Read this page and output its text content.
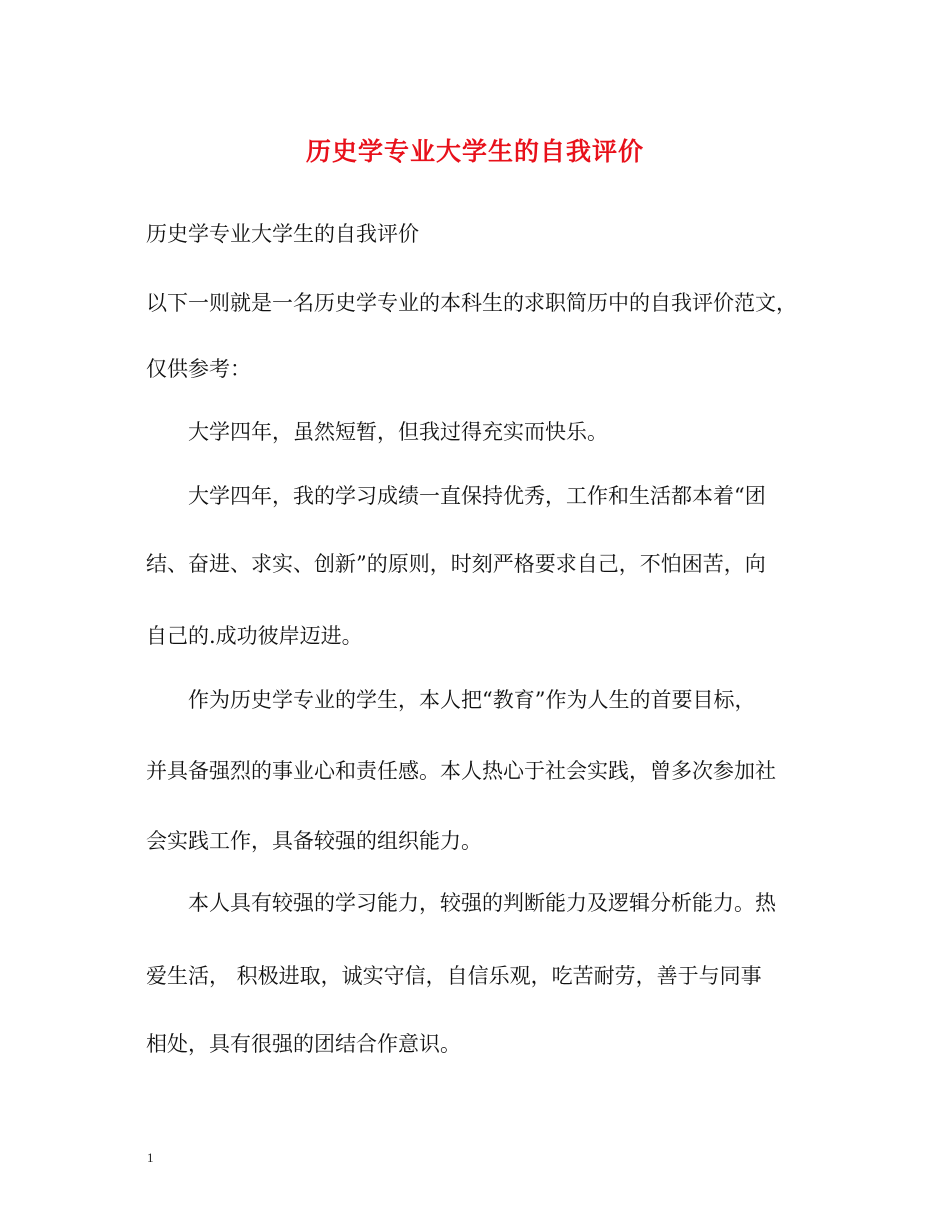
历史学专业大学生的自我评价

历史学专业大学生的自我评价

以下一则就是一名历史学专业的本科生的求职简历中的自我评价范文，

仅供参考：

大学四年，虽然短暂，但我过得充实而快乐。

大学四年，我的学习成绩一直保持优秀，工作和生活都本着“团

结、奋进、求实、创新”的原则，时刻严格要求自己，不怕困苦，向

自己的.成功彼岸迈进。

作为历史学专业的学生，本人把“教育”作为人生的首要目标，

并具备强烈的事业心和责任感。本人热心于社会实践，曾多次参加社

会实践工作，具备较强的组织能力。

本人具有较强的学习能力，较强的判断能力及逻辑分析能力。热

爱生活， 积极进取，诚实守信，自信乐观，吃苦耐劳，善于与同事

相处，具有很强的团结合作意识。

1
